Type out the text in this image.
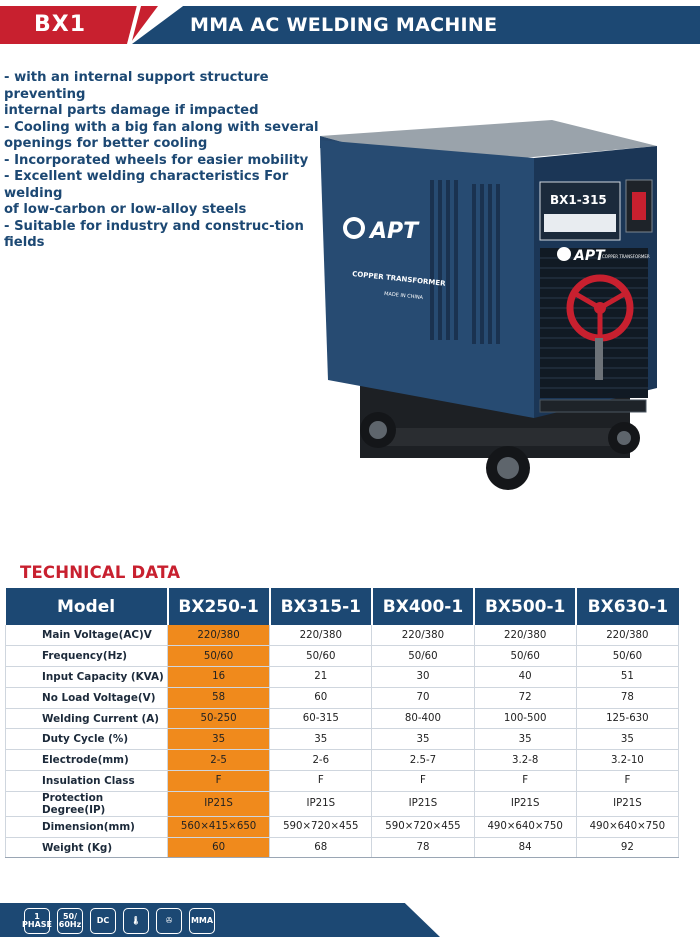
BX1	MMA AC WELDING MACHINE
- with an internal support structure preventing
internal parts damage if impacted
- Cooling with a big fan along with several
openings for better cooling
- Incorporated wheels for easier mobility
- Excellent welding characteristics For welding
of low-carbon or low-alloy steels
- Suitable for industry and construc-tion fields
BX1-315
APT
COPPER TRANSFORMER
MADE IN CHINA
APT
COPPER TRANSFORMER
TECHNICAL DATA
Model	BX250-1	BX315-1	BX400-1	BX500-1	BX630-1
Main Voltage(AC)V	220/380	220/380	220/380	220/380	220/380
Frequency(Hz)	50/60	50/60	50/60	50/60	50/60
Input Capacity (KVA)	16	21	30	40	51
No Load Voltage(V)	58	60	70	72	78
Welding Current (A)	50-250	60-315	80-400	100-500	125-630
Duty Cycle (%)	35	35	35	35	35
Electrode(mm)	2-5	2-6	2.5-7	3.2-8	3.2-10
Insulation Class	F	F	F	F	F
Protection Degree(IP)	IP21S	IP21S	IP21S	IP21S	IP21S
Dimension(mm)	560×415×650	590×720×455	590×720×455	490×640×750	490×640×750
Weight (Kg)	60	68	78	84	92
1
PHASE
50/
60Hz DC	🌡	✇ MMA
